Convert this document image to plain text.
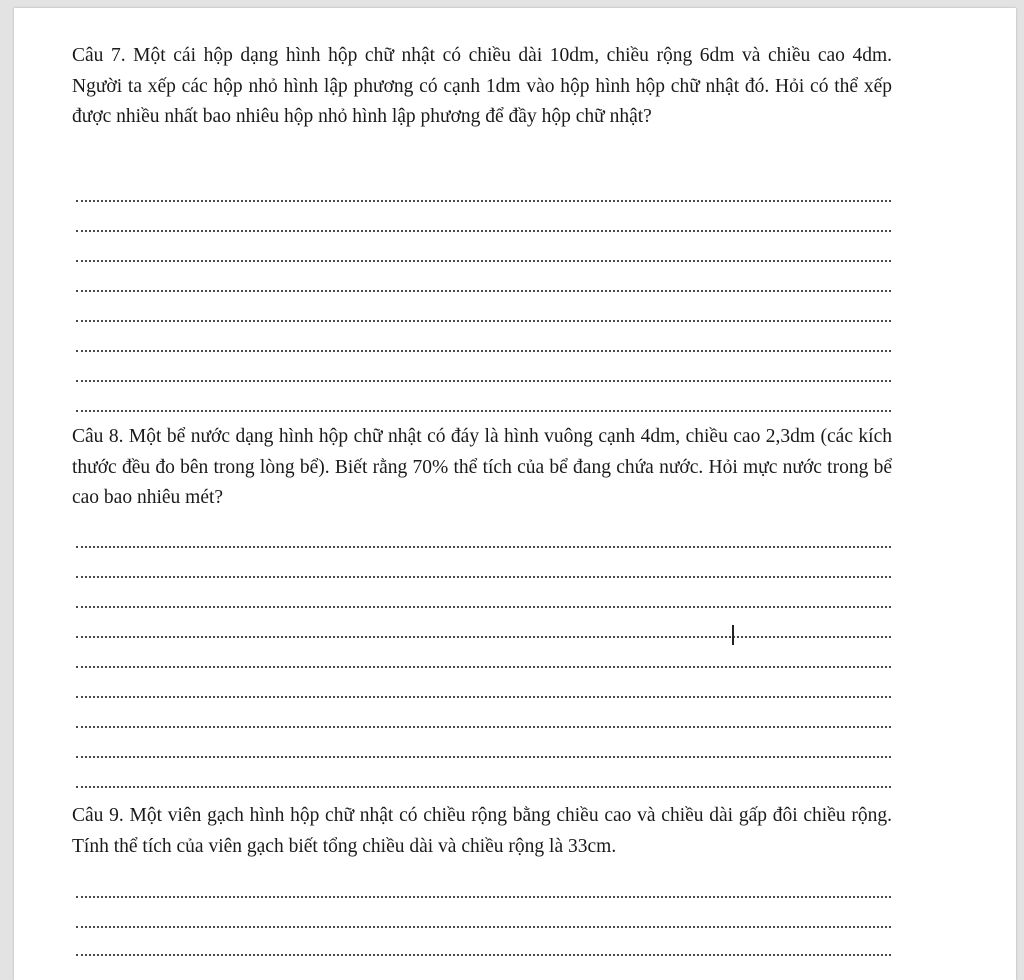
Câu 7. Một cái hộp dạng hình hộp chữ nhật có chiều dài 10dm, chiều rộng 6dm và chiều cao 4dm. Người ta xếp các hộp nhỏ hình lập phương có cạnh 1dm vào hộp hình hộp chữ nhật đó. Hỏi có thể xếp được nhiều nhất bao nhiêu hộp nhỏ hình lập phương để đầy hộp chữ nhật?

Câu 8. Một bể nước dạng hình hộp chữ nhật có đáy là hình vuông cạnh 4dm, chiều cao 2,3dm (các kích thước đều đo bên trong lòng bể). Biết rằng 70% thể tích của bể đang chứa nước. Hỏi mực nước trong bể cao bao nhiêu mét?

Câu 9. Một viên gạch hình hộp chữ nhật có chiều rộng bằng chiều cao và chiều dài gấp đôi chiều rộng. Tính thể tích của viên gạch biết tổng chiều dài và chiều rộng là 33cm.
